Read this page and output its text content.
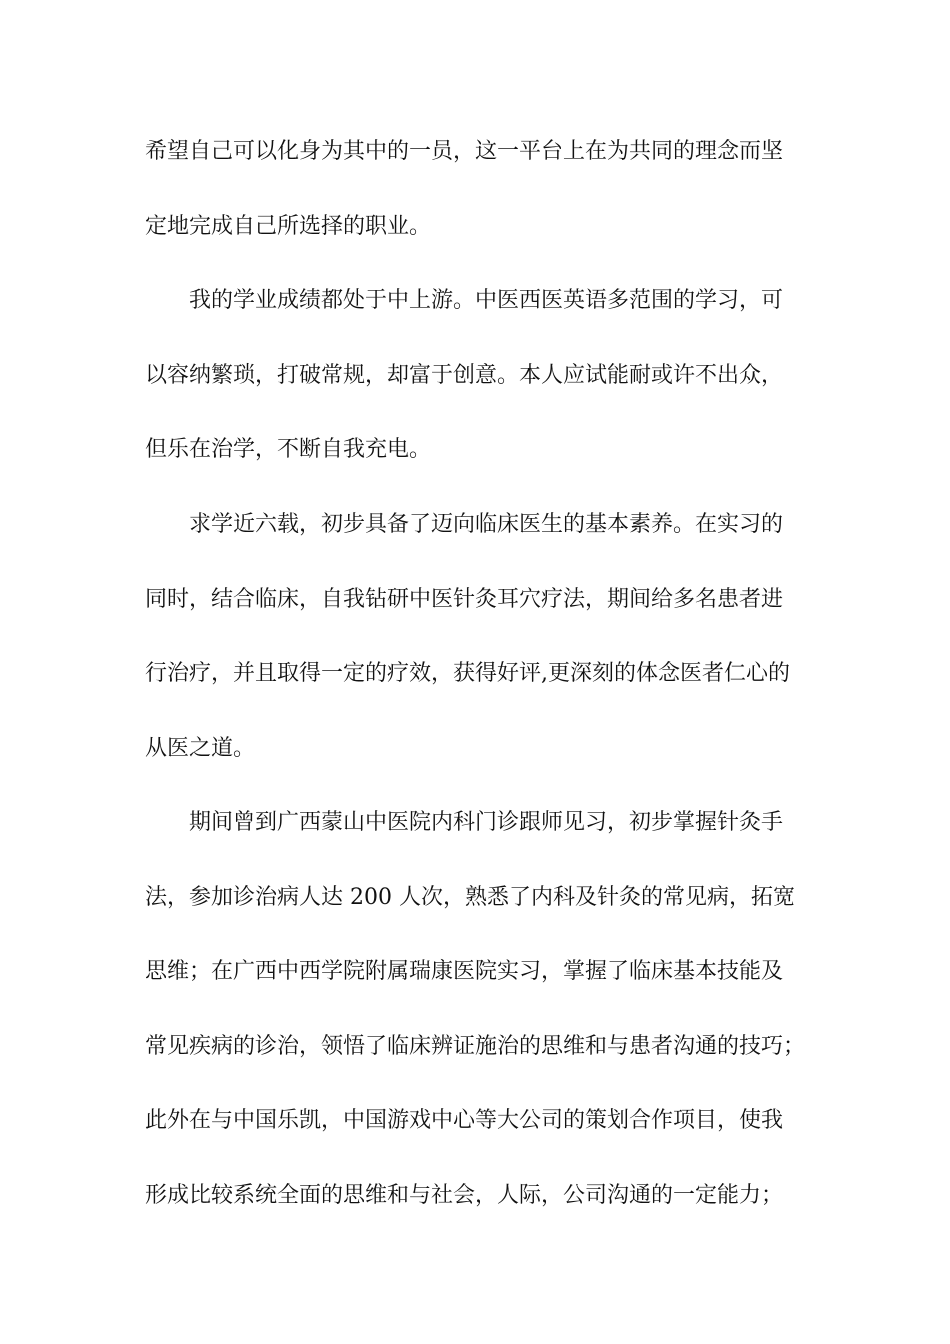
希望自己可以化身为其中的一员，这一平台上在为共同的理念而坚

定地完成自己所选择的职业。

我的学业成绩都处于中上游。中医西医英语多范围的学习，可

以容纳繁琐，打破常规，却富于创意。本人应试能耐或许不出众，

但乐在治学，不断自我充电。

求学近六载，初步具备了迈向临床医生的基本素养。在实习的

同时，结合临床，自我钻研中医针灸耳穴疗法，期间给多名患者进

行治疗，并且取得一定的疗效，获得好评,更深刻的体念医者仁心的

从医之道。

期间曾到广西蒙山中医院内科门诊跟师见习，初步掌握针灸手

法，参加诊治病人达 200 人次，熟悉了内科及针灸的常见病，拓宽

思维；在广西中西学院附属瑞康医院实习，掌握了临床基本技能及

常见疾病的诊治，领悟了临床辨证施治的思维和与患者沟通的技巧；

此外在与中国乐凯，中国游戏中心等大公司的策划合作项目，使我

形成比较系统全面的思维和与社会，人际，公司沟通的一定能力；
